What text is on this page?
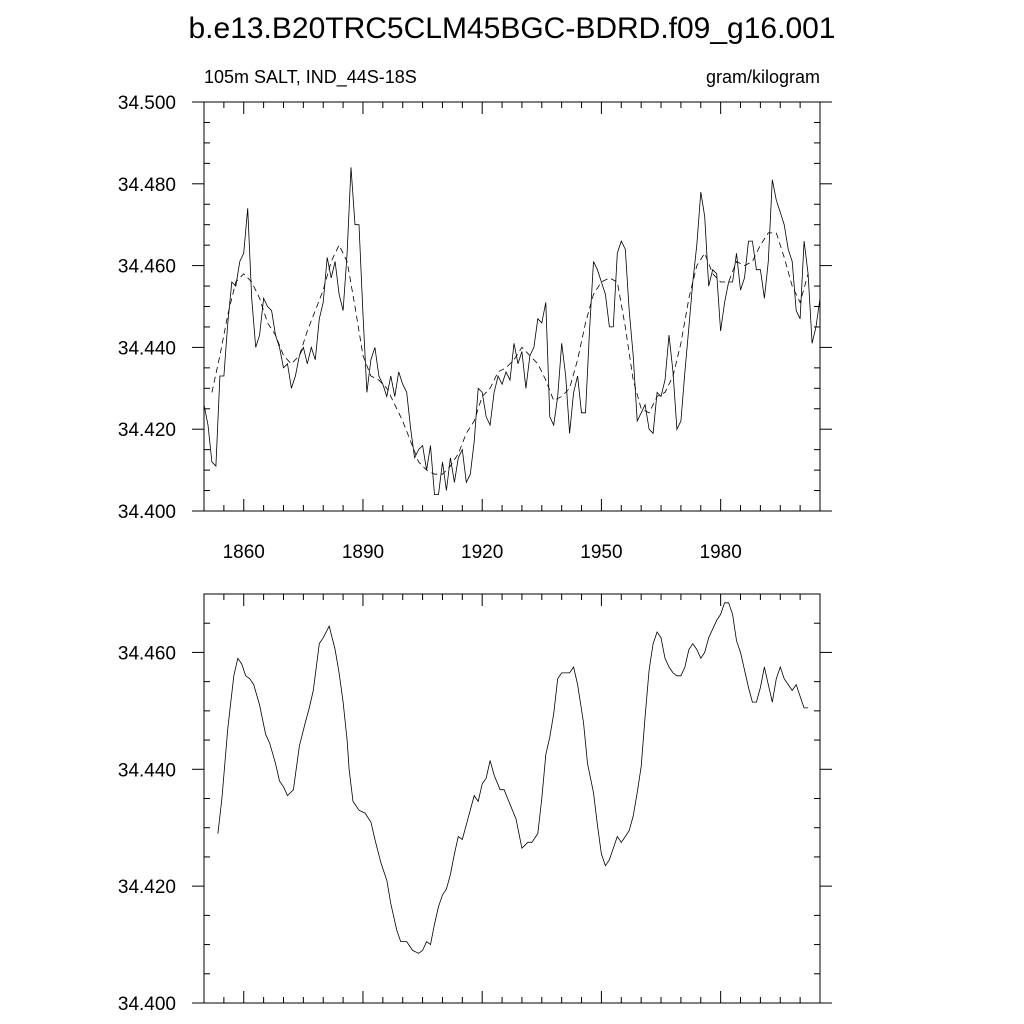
b.e13.B20TRC5CLM45BGC-BDRD.f09_g16.001
105m SALT, IND_44S-18S	gram/kilogram
1860	1890	1920	1950	1980
34.400
34.420
34.440
34.460
34.480
34.500
34.400
34.420
34.440
34.460
